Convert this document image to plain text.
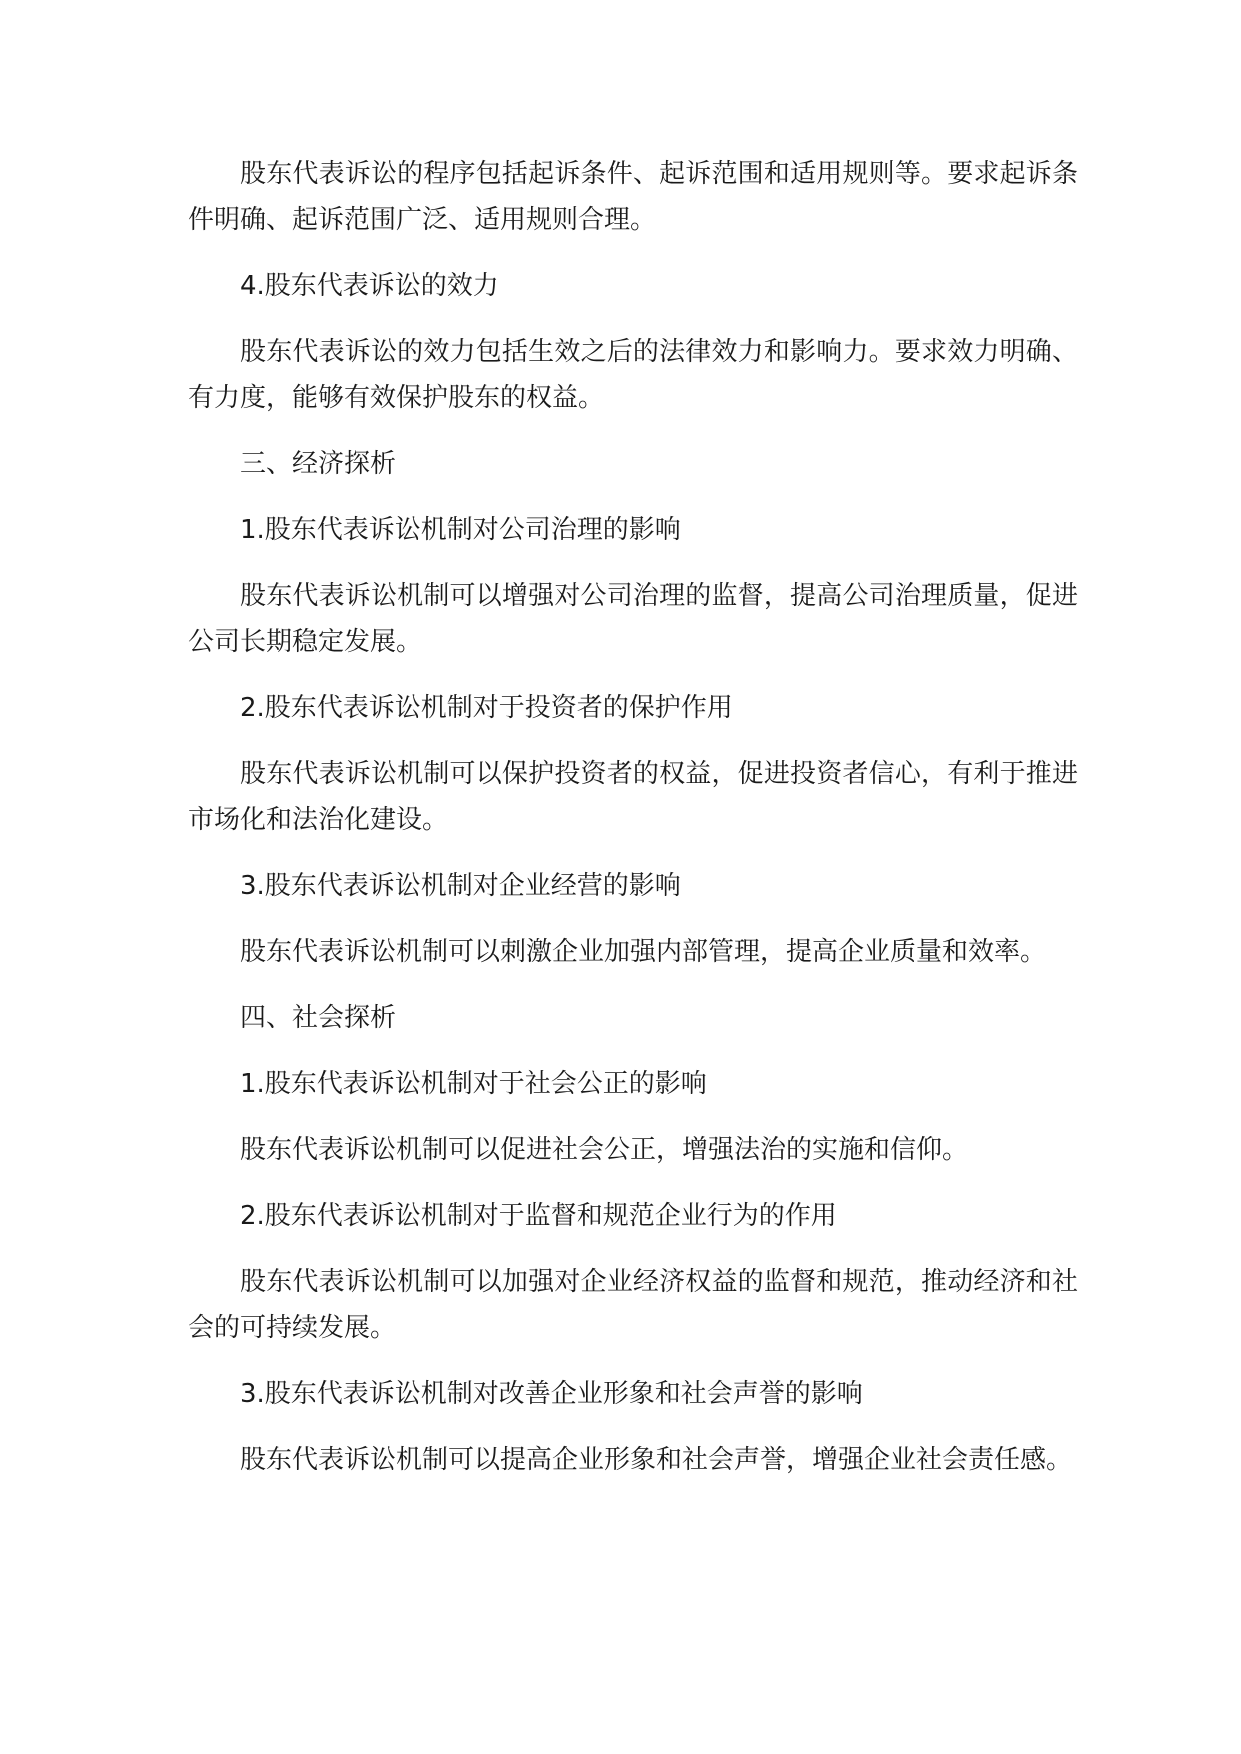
股东代表诉讼的程序包括起诉条件、起诉范围和适用规则等。要求起诉条件明确、起诉范围广泛、适用规则合理。

4.股东代表诉讼的效力

股东代表诉讼的效力包括生效之后的法律效力和影响力。要求效力明确、有力度，能够有效保护股东的权益。

三、经济探析

1.股东代表诉讼机制对公司治理的影响

股东代表诉讼机制可以增强对公司治理的监督，提高公司治理质量，促进公司长期稳定发展。

2.股东代表诉讼机制对于投资者的保护作用

股东代表诉讼机制可以保护投资者的权益，促进投资者信心，有利于推进市场化和法治化建设。

3.股东代表诉讼机制对企业经营的影响

股东代表诉讼机制可以刺激企业加强内部管理，提高企业质量和效率。

四、社会探析

1.股东代表诉讼机制对于社会公正的影响

股东代表诉讼机制可以促进社会公正，增强法治的实施和信仰。

2.股东代表诉讼机制对于监督和规范企业行为的作用

股东代表诉讼机制可以加强对企业经济权益的监督和规范，推动经济和社会的可持续发展。

3.股东代表诉讼机制对改善企业形象和社会声誉的影响

股东代表诉讼机制可以提高企业形象和社会声誉，增强企业社会责任感。
